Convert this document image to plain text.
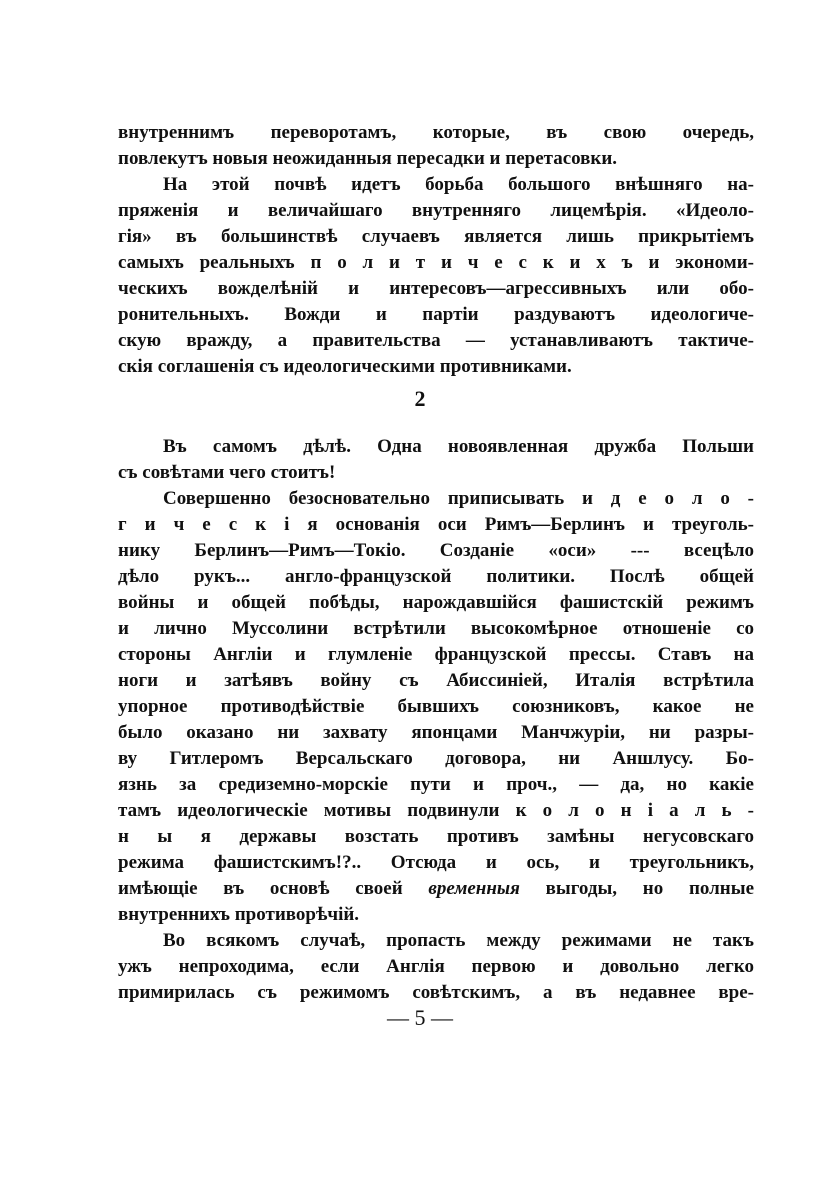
внутреннимъ переворотамъ, которые, въ свою очередь,
повлекутъ новыя неожиданныя пересадки и перетасовки.
На этой почвѣ идетъ борьба большого внѣшняго на-
пряженія и величайшаго внутренняго лицемѣрія. «Идеоло-
гія» въ большинствѣ случаевъ является лишь прикрытіемъ
самыхъ реальныхъ п о л и т и ч е с к и х ъ и экономи-
ческихъ вожделѣній и интересовъ—агрессивныхъ или обо-
ронительныхъ. Вожди и партіи раздуваютъ идеологиче-
скую вражду, а правительства — устанавливаютъ тактиче-
скія соглашенія съ идеологическими противниками.
2
Въ самомъ дѣлѣ. Одна новоявленная дружба Польши
съ совѣтами чего стоитъ!
Совершенно безосновательно приписывать и д е о л о -
г и ч е с к і я основанія оси Римъ—Берлинъ и треуголь-
нику Берлинъ—Римъ—Токіо. Созданіе «оси» --- всецѣло
дѣло рукъ... англо-французской политики. Послѣ общей
войны и общей побѣды, нарождавшійся фашистскій режимъ
и лично Муссолини встрѣтили высокомѣрное отношеніе со
стороны Англіи и глумленіе французской прессы. Ставъ на
ноги и затѣявъ войну съ Абиссиніей, Италія встрѣтила
упорное противодѣйствіе бывшихъ союзниковъ, какое не
было оказано ни захвату японцами Манчжуріи, ни разры-
ву Гитлеромъ Версальскаго договора, ни Аншлусу. Бо-
язнь за средиземно-морскіе пути и проч., — да, но какіе
тамъ идеологическіе мотивы подвинули к о л о н і а л ь -
н ы я державы возстать противъ замѣны негусовскаго
режима фашистскимъ!?.. Отсюда и ось, и треугольникъ,
имѣющіе въ основѣ своей временныя выгоды, но полные
внутреннихъ противорѣчій.
Во всякомъ случаѣ, пропасть между режимами не такъ
ужъ непроходима, если Англія первою и довольно легко
примирилась съ режимомъ совѣтскимъ, а въ недавнее вре-
— 5 —
